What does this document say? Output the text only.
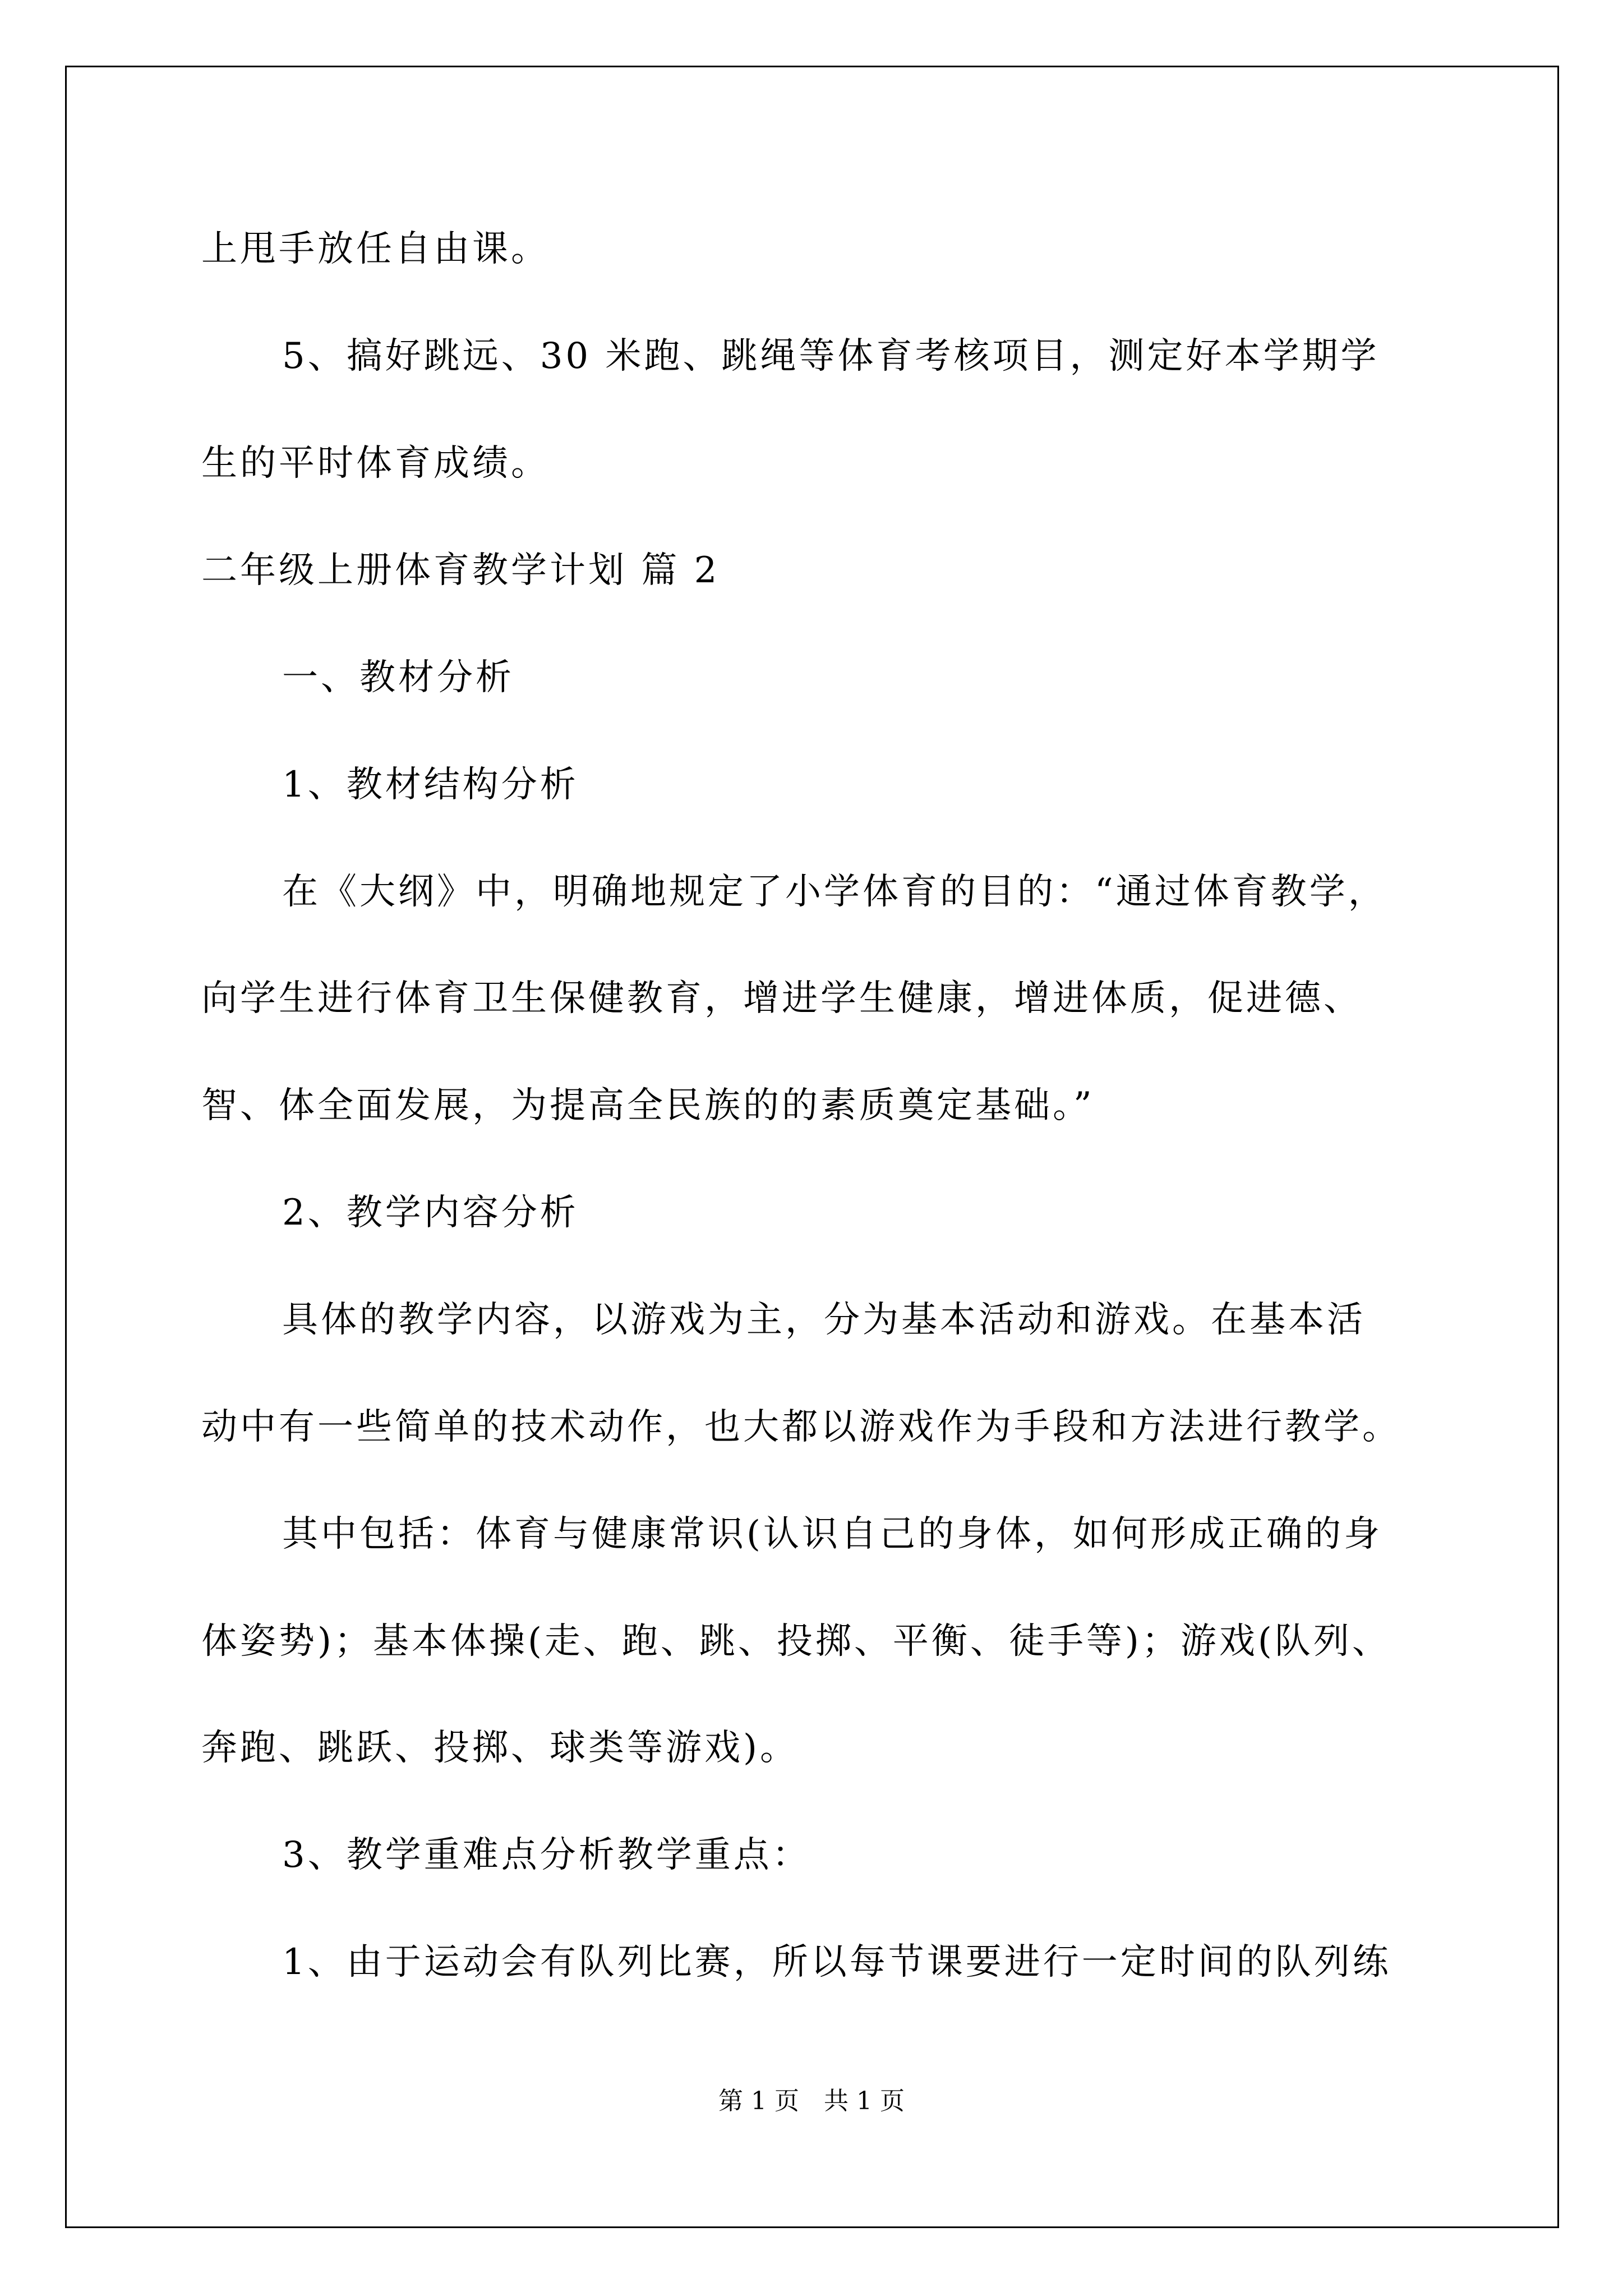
上甩手放任自由课。
5、搞好跳远、30 米跑、跳绳等体育考核项目，测定好本学期学
生的平时体育成绩。
二年级上册体育教学计划 篇 2
一、教材分析
1、教材结构分析
在《大纲》中，明确地规定了小学体育的目的：“通过体育教学，
向学生进行体育卫生保健教育，增进学生健康，增进体质，促进德、
智、体全面发展，为提高全民族的的素质奠定基础。”
2、教学内容分析
具体的教学内容，以游戏为主，分为基本活动和游戏。在基本活
动中有一些简单的技术动作，也大都以游戏作为手段和方法进行教学。
其中包括：体育与健康常识(认识自己的身体，如何形成正确的身
体姿势)；基本体操(走、跑、跳、投掷、平衡、徒手等)；游戏(队列、
奔跑、跳跃、投掷、球类等游戏)。
3、教学重难点分析教学重点：
1、由于运动会有队列比赛，所以每节课要进行一定时间的队列练
第 1 页　共 1 页
